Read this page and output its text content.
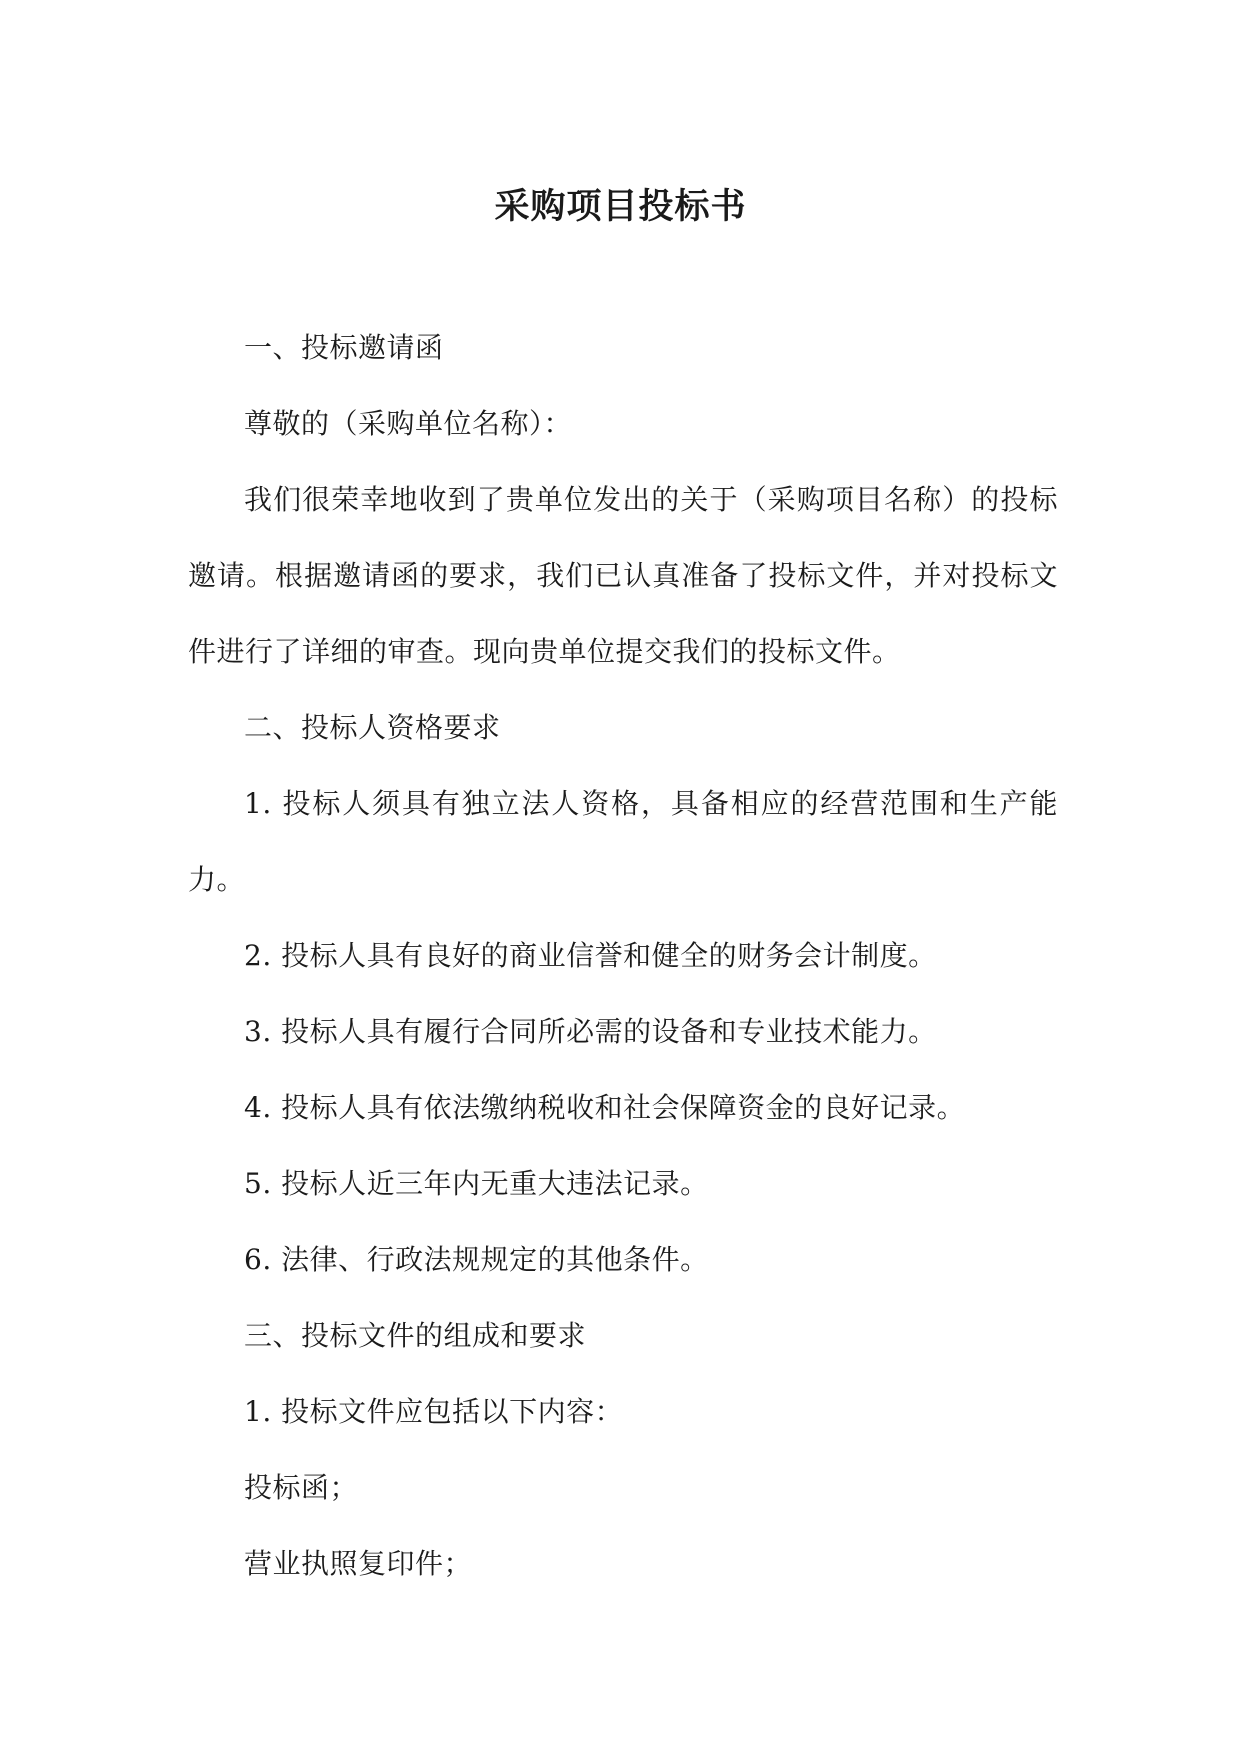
采购项目投标书

一、投标邀请函

尊敬的（采购单位名称）：

我们很荣幸地收到了贵单位发出的关于（采购项目名称）的投标邀请。根据邀请函的要求，我们已认真准备了投标文件，并对投标文件进行了详细的审查。现向贵单位提交我们的投标文件。

二、投标人资格要求

1. 投标人须具有独立法人资格，具备相应的经营范围和生产能力。

2. 投标人具有良好的商业信誉和健全的财务会计制度。

3. 投标人具有履行合同所必需的设备和专业技术能力。

4. 投标人具有依法缴纳税收和社会保障资金的良好记录。

5. 投标人近三年内无重大违法记录。

6. 法律、行政法规规定的其他条件。

三、投标文件的组成和要求

1. 投标文件应包括以下内容：

投标函；

营业执照复印件；
